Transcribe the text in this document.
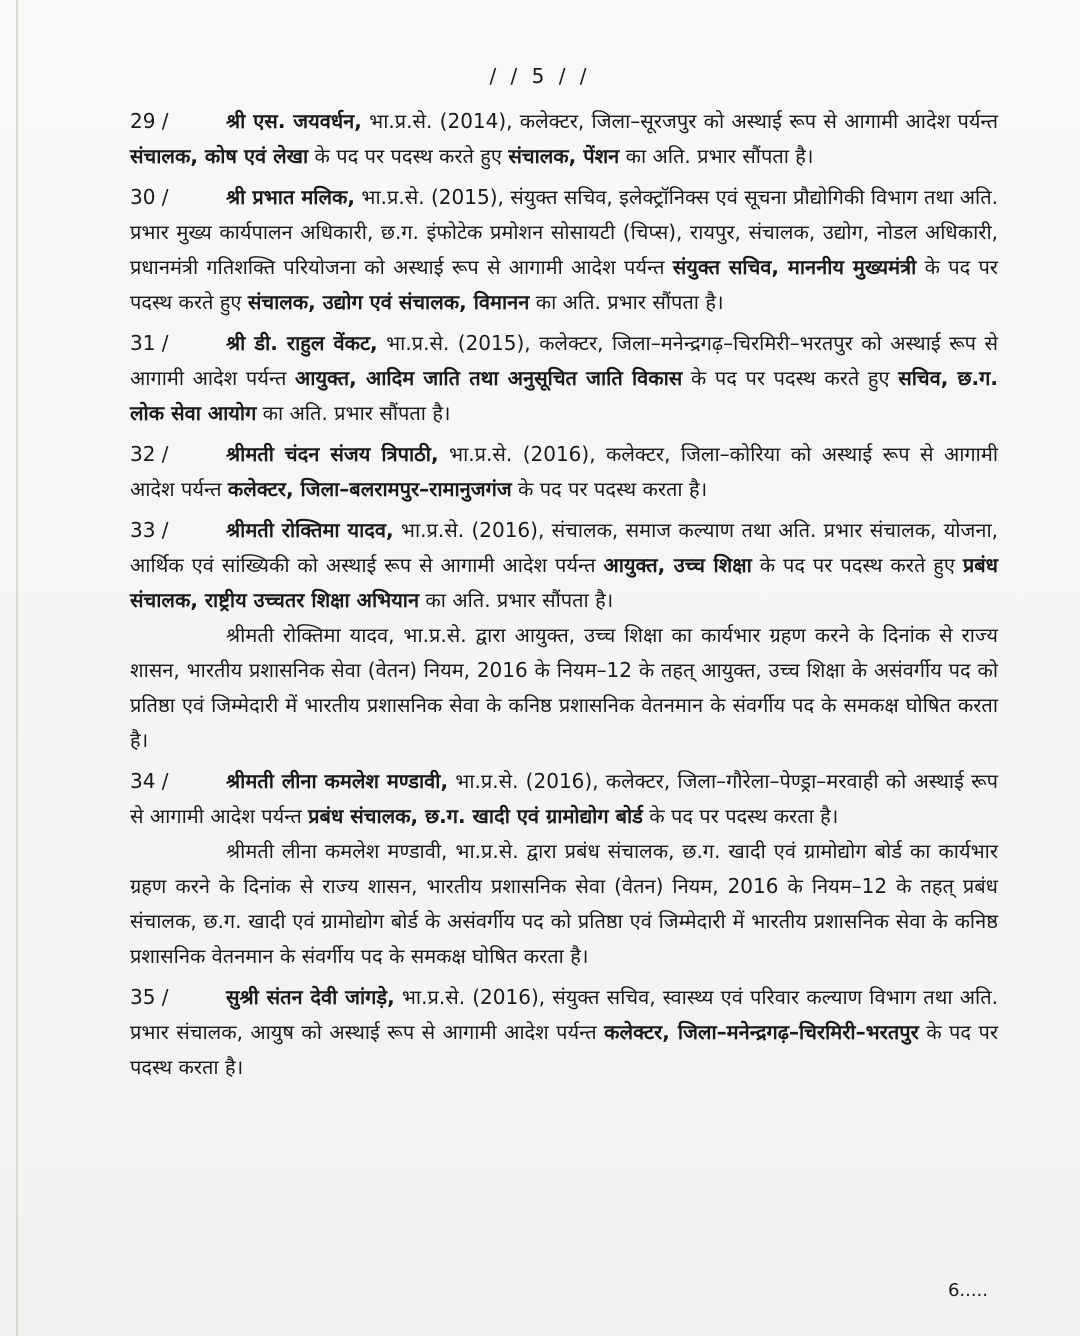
/ / 5 / /

29 /	श्री एस. जयवर्धन, भा.प्र.से. (2014), कलेक्टर, जिला–सूरजपुर को अस्थाई रूप से आगामी आदेश पर्यन्त संचालक, कोष एवं लेखा के पद पर पदस्थ करते हुए संचालक, पेंशन का अति. प्रभार सौंपता है।

30 /	श्री प्रभात मलिक, भा.प्र.से. (2015), संयुक्त सचिव, इलेक्ट्रॉनिक्स एवं सूचना प्रौद्योगिकी विभाग तथा अति. प्रभार मुख्य कार्यपालन अधिकारी, छ.ग. इंफोटेक प्रमोशन सोसायटी (चिप्स), रायपुर, संचालक, उद्योग, नोडल अधिकारी, प्रधानमंत्री गतिशक्ति परियोजना को अस्थाई रूप से आगामी आदेश पर्यन्त संयुक्त सचिव, माननीय मुख्यमंत्री के पद पर पदस्थ करते हुए संचालक, उद्योग एवं संचालक, विमानन का अति. प्रभार सौंपता है।

31 /	श्री डी. राहुल वेंकट, भा.प्र.से. (2015), कलेक्टर, जिला–मनेन्द्रगढ़–चिरमिरी–भरतपुर को अस्थाई रूप से आगामी आदेश पर्यन्त आयुक्त, आदिम जाति तथा अनुसूचित जाति विकास के पद पर पदस्थ करते हुए सचिव, छ.ग. लोक सेवा आयोग का अति. प्रभार सौंपता है।

32 /	श्रीमती चंदन संजय त्रिपाठी, भा.प्र.से. (2016), कलेक्टर, जिला–कोरिया को अस्थाई रूप से आगामी आदेश पर्यन्त कलेक्टर, जिला–बलरामपुर–रामानुजगंज के पद पर पदस्थ करता है।

33 /	श्रीमती रोक्तिमा यादव, भा.प्र.से. (2016), संचालक, समाज कल्याण तथा अति. प्रभार संचालक, योजना, आर्थिक एवं सांख्यिकी को अस्थाई रूप से आगामी आदेश पर्यन्त आयुक्त, उच्च शिक्षा के पद पर पदस्थ करते हुए प्रबंध संचालक, राष्ट्रीय उच्चतर शिक्षा अभियान का अति. प्रभार सौंपता है।

श्रीमती रोक्तिमा यादव, भा.प्र.से. द्वारा आयुक्त, उच्च शिक्षा का कार्यभार ग्रहण करने के दिनांक से राज्य शासन, भारतीय प्रशासनिक सेवा (वेतन) नियम, 2016 के नियम–12 के तहत् आयुक्त, उच्च शिक्षा के असंवर्गीय पद को प्रतिष्ठा एवं जिम्मेदारी में भारतीय प्रशासनिक सेवा के कनिष्ठ प्रशासनिक वेतनमान के संवर्गीय पद के समकक्ष घोषित करता है।

34 /	श्रीमती लीना कमलेश मण्डावी, भा.प्र.से. (2016), कलेक्टर, जिला–गौरेला–पेण्ड्रा–मरवाही को अस्थाई रूप से आगामी आदेश पर्यन्त प्रबंध संचालक, छ.ग. खादी एवं ग्रामोद्योग बोर्ड के पद पर पदस्थ करता है।

श्रीमती लीना कमलेश मण्डावी, भा.प्र.से. द्वारा प्रबंध संचालक, छ.ग. खादी एवं ग्रामोद्योग बोर्ड का कार्यभार ग्रहण करने के दिनांक से राज्य शासन, भारतीय प्रशासनिक सेवा (वेतन) नियम, 2016 के नियम–12 के तहत् प्रबंध संचालक, छ.ग. खादी एवं ग्रामोद्योग बोर्ड के असंवर्गीय पद को प्रतिष्ठा एवं जिम्मेदारी में भारतीय प्रशासनिक सेवा के कनिष्ठ प्रशासनिक वेतनमान के संवर्गीय पद के समकक्ष घोषित करता है।

35 /	सुश्री संतन देवी जांगड़े, भा.प्र.से. (2016), संयुक्त सचिव, स्वास्थ्य एवं परिवार कल्याण विभाग तथा अति. प्रभार संचालक, आयुष को अस्थाई रूप से आगामी आदेश पर्यन्त कलेक्टर, जिला–मनेन्द्रगढ़–चिरमिरी–भरतपुर के पद पर पदस्थ करता है।

6.....
